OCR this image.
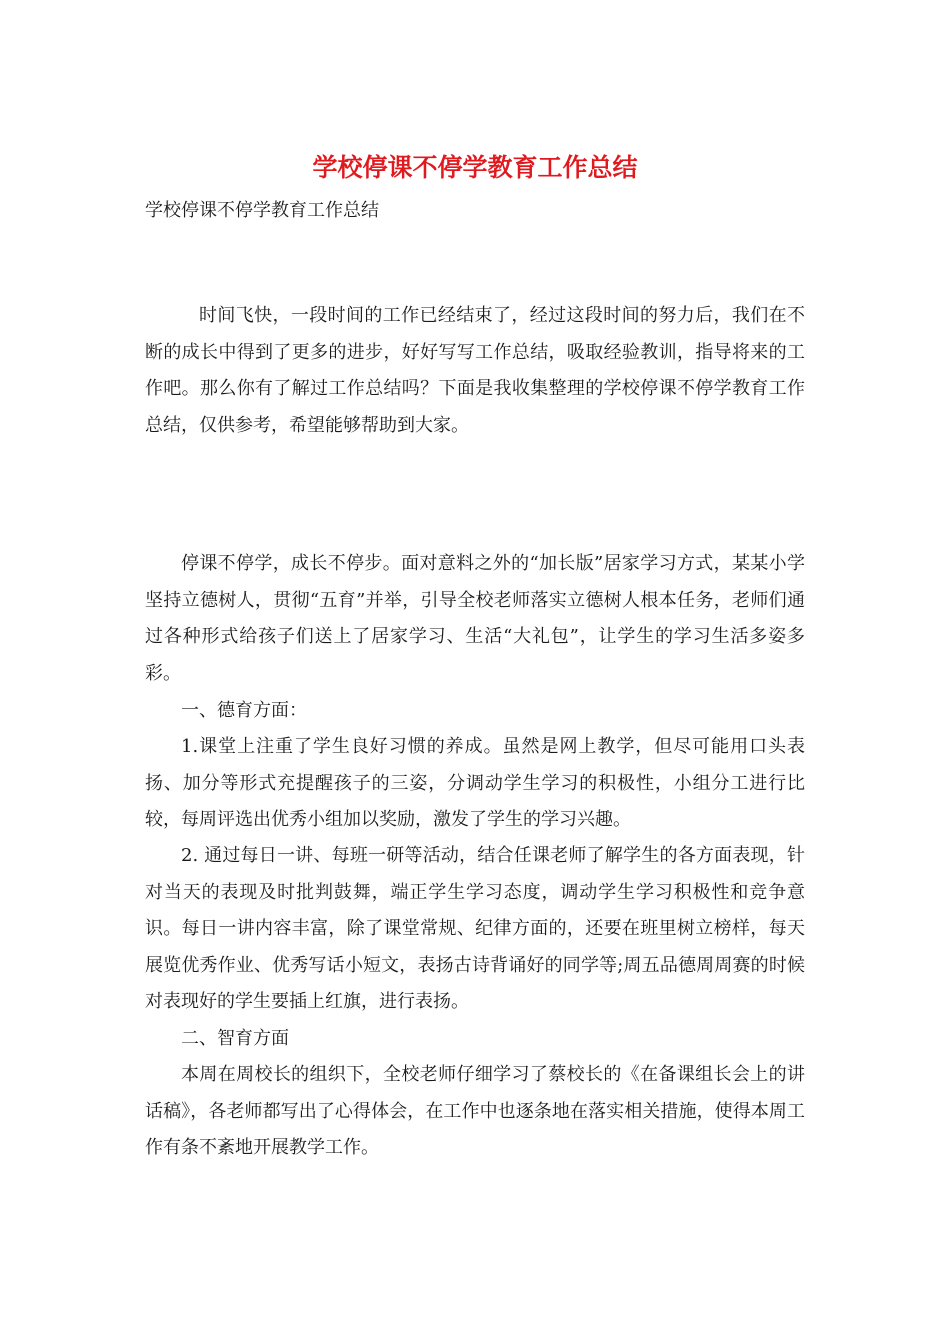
学校停课不停学教育工作总结

学校停课不停学教育工作总结

时间飞快，一段时间的工作已经结束了，经过这段时间的努力后，我们在不断的成长中得到了更多的进步，好好写写工作总结，吸取经验教训，指导将来的工作吧。那么你有了解过工作总结吗？下面是我收集整理的学校停课不停学教育工作总结，仅供参考，希望能够帮助到大家。

停课不停学，成长不停步。面对意料之外的“加长版”居家学习方式，某某小学坚持立德树人，贯彻“五育”并举，引导全校老师落实立德树人根本任务，老师们通过各种形式给孩子们送上了居家学习、生活“大礼包”，让学生的学习生活多姿多彩。

一、德育方面：

1.课堂上注重了学生良好习惯的养成。虽然是网上教学，但尽可能用口头表扬、加分等形式充提醒孩子的三姿，分调动学生学习的积极性，小组分工进行比较，每周评选出优秀小组加以奖励，激发了学生的学习兴趣。

2. 通过每日一讲、每班一研等活动，结合任课老师了解学生的各方面表现，针对当天的表现及时批判鼓舞，端正学生学习态度，调动学生学习积极性和竞争意识。每日一讲内容丰富，除了课堂常规、纪律方面的，还要在班里树立榜样，每天展览优秀作业、优秀写话小短文，表扬古诗背诵好的同学等;周五品德周周赛的时候对表现好的学生要插上红旗，进行表扬。

二、智育方面

本周在周校长的组织下，全校老师仔细学习了蔡校长的《在备课组长会上的讲话稿》，各老师都写出了心得体会，在工作中也逐条地在落实相关措施，使得本周工作有条不紊地开展教学工作。
